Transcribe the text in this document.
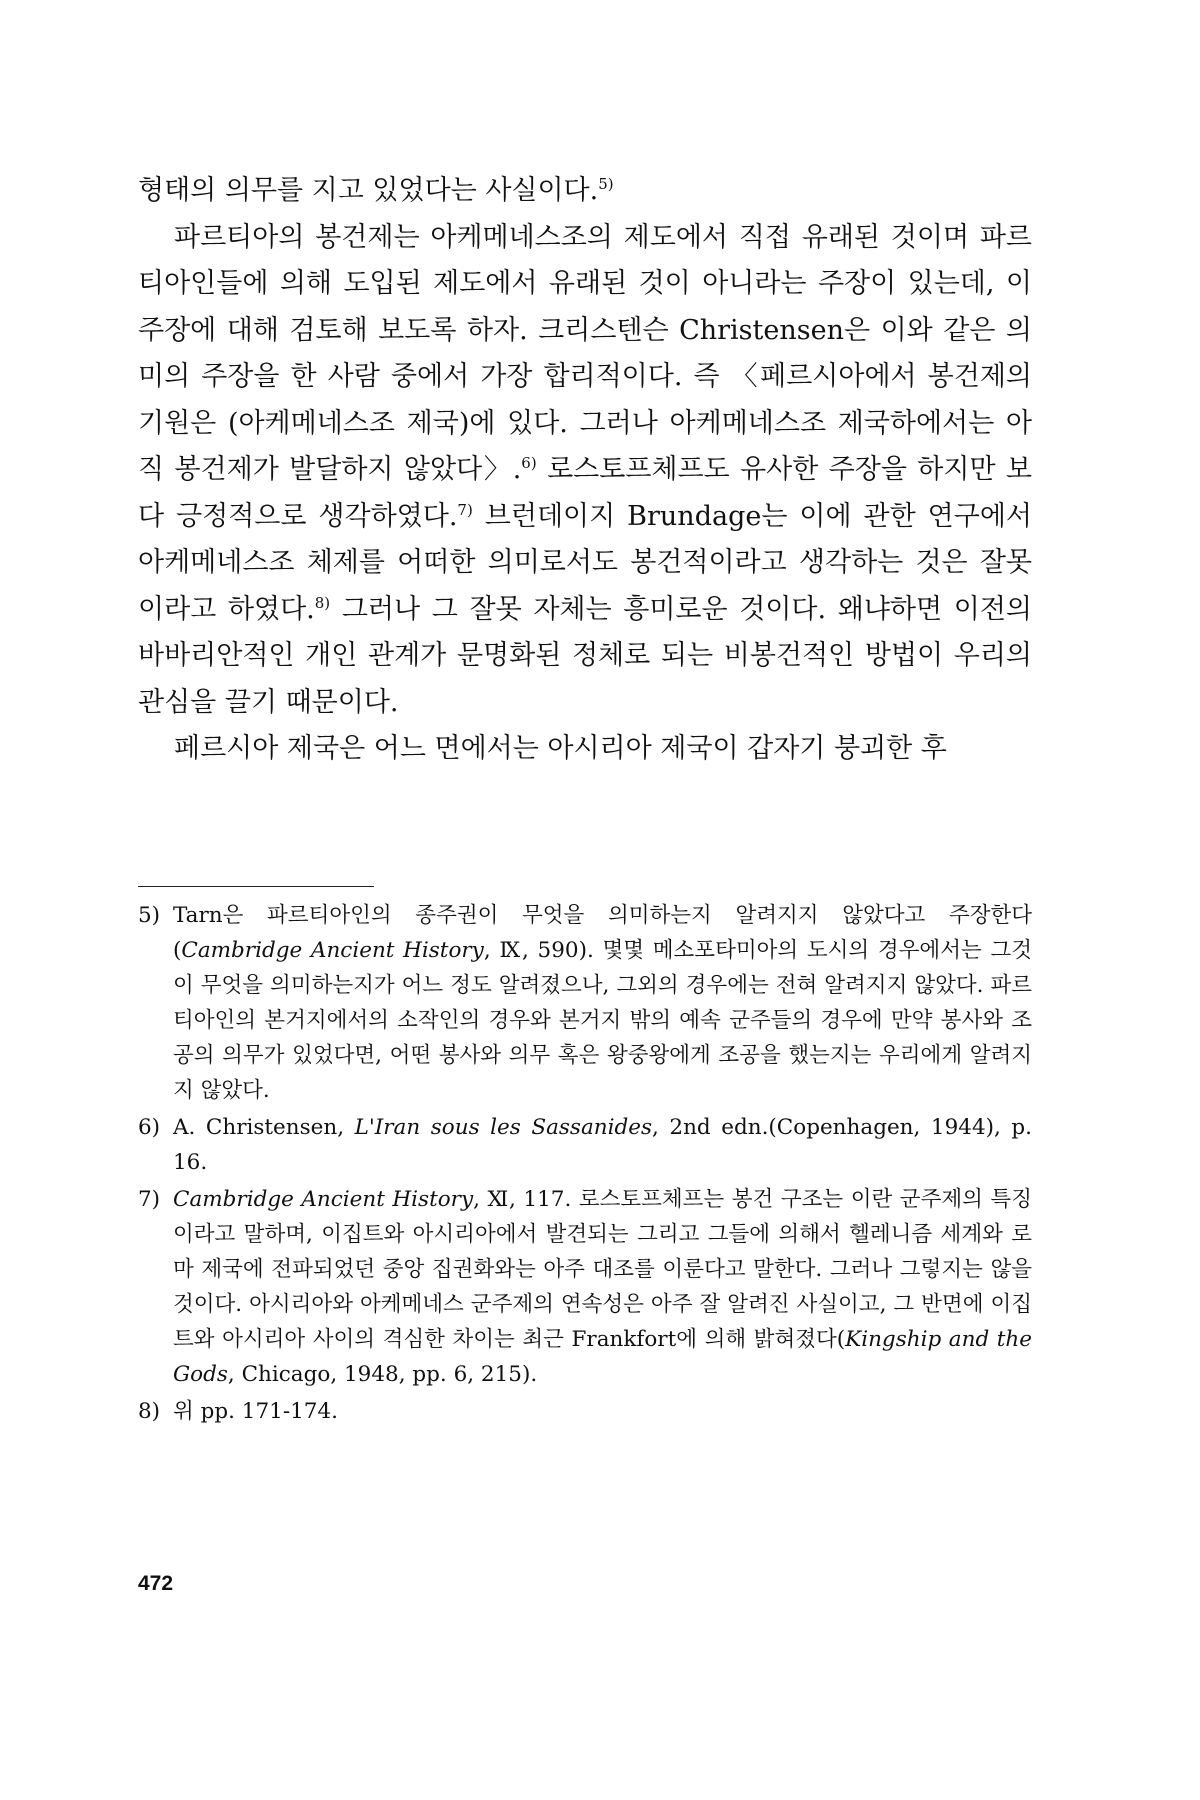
형태의 의무를 지고 있었다는 사실이다.$^{5)}$

파르티아의 봉건제는 아케메네스조의 제도에서 직접 유래된 것이며 파르티아인들에 의해 도입된 제도에서 유래된 것이 아니라는 주장이 있는데, 이 주장에 대해 검토해 보도록 하자. 크리스텐슨 Christensen은 이와 같은 의미의 주장을 한 사람 중에서 가장 합리적이다. 즉 〈페르시아에서 봉건제의 기원은 (아케메네스조 제국)에 있다. 그러나 아케메네스조 제국하에서는 아직 봉건제가 발달하지 않았다〉.$^{6)}$ 로스토프체프도 유사한 주장을 하지만 보다 긍정적으로 생각하였다.$^{7)}$ 브런데이지 Brundage는 이에 관한 연구에서 아케메네스조 체제를 어떠한 의미로서도 봉건적이라고 생각하는 것은 잘못이라고 하였다.$^{8)}$ 그러나 그 잘못 자체는 흥미로운 것이다. 왜냐하면 이전의 바바리안적인 개인 관계가 문명화된 정체로 되는 비봉건적인 방법이 우리의 관심을 끌기 때문이다.

페르시아 제국은 어느 면에서는 아시리아 제국이 갑자기 붕괴한 후

5) Tarn은 파르티아인의 종주권이 무엇을 의미하는지 알려지지 않았다고 주장한다(Cambridge Ancient History, Ⅸ, 590). 몇몇 메소포타미아의 도시의 경우에서는 그것이 무엇을 의미하는지가 어느 정도 알려졌으나, 그외의 경우에는 전혀 알려지지 않았다. 파르티아인의 본거지에서의 소작인의 경우와 본거지 밖의 예속 군주들의 경우에 만약 봉사와 조공의 의무가 있었다면, 어떤 봉사와 의무 혹은 왕중왕에게 조공을 했는지는 우리에게 알려지지 않았다.
6) A. Christensen, L'Iran sous les Sassanides, 2nd edn.(Copenhagen, 1944), p. 16.
7) Cambridge Ancient History, Ⅺ, 117. 로스토프체프는 봉건 구조는 이란 군주제의 특징이라고 말하며, 이집트와 아시리아에서 발견되는 그리고 그들에 의해서 헬레니즘 세계와 로마 제국에 전파되었던 중앙 집권화와는 아주 대조를 이룬다고 말한다. 그러나 그렇지는 않을 것이다. 아시리아와 아케메네스 군주제의 연속성은 아주 잘 알려진 사실이고, 그 반면에 이집트와 아시리아 사이의 격심한 차이는 최근 Frankfort에 의해 밝혀졌다(Kingship and the Gods, Chicago, 1948, pp. 6, 215).
8) 위 pp. 171-174.
472
